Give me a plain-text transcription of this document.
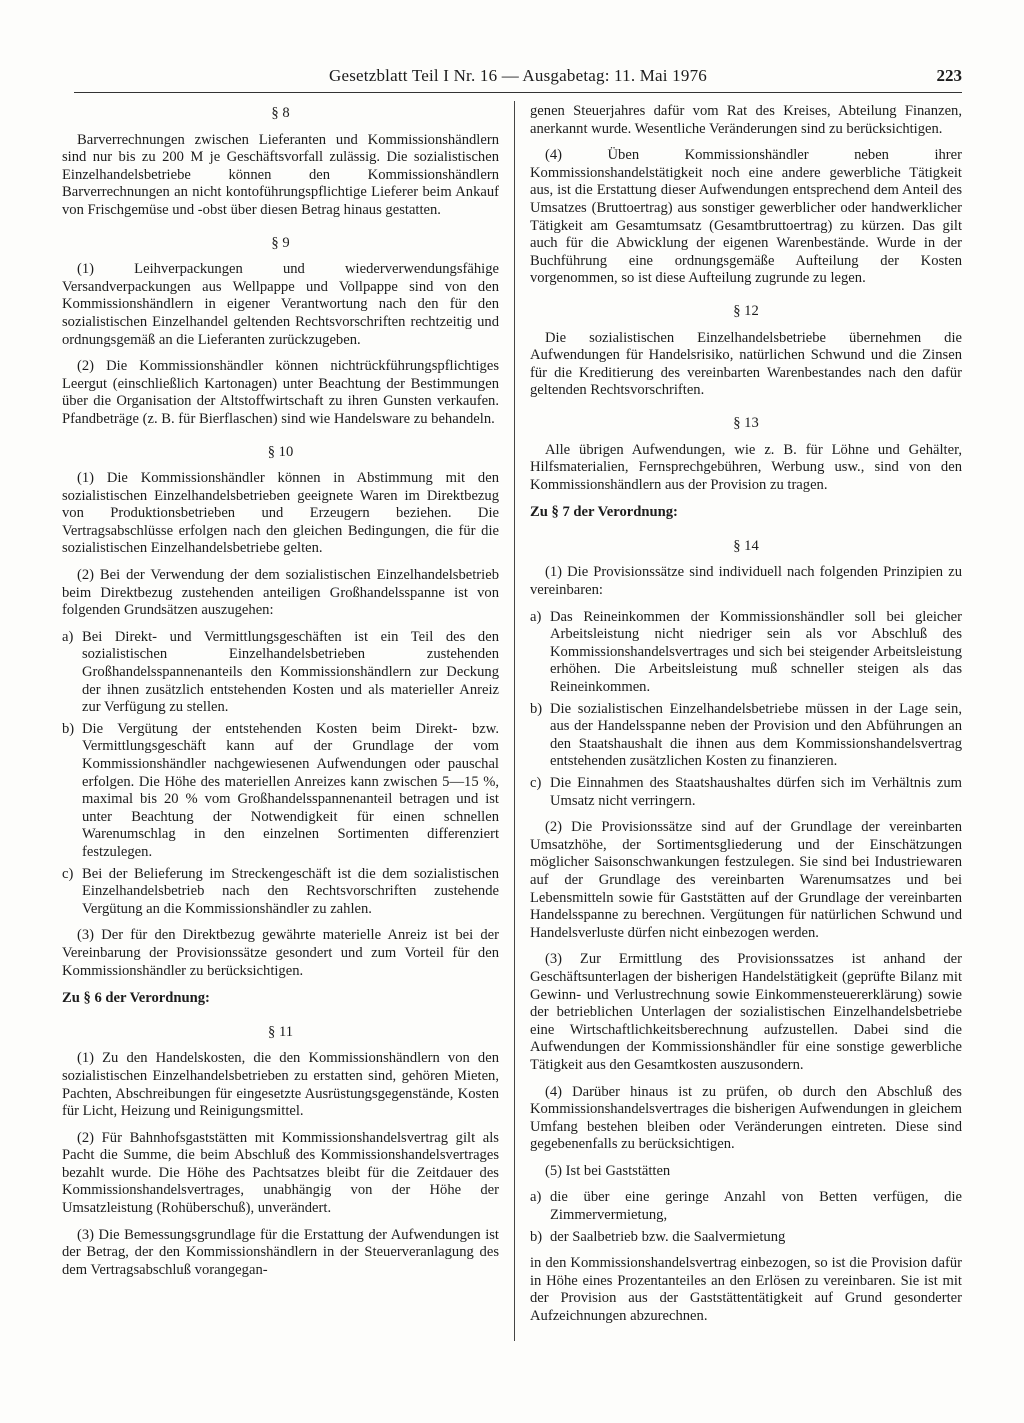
Gesetzblatt Teil I Nr. 16 — Ausgabetag: 11. Mai 1976	223
§ 8

Barverrechnungen zwischen Lieferanten und Kommissionshändlern sind nur bis zu 200 M je Geschäftsvorfall zulässig. Die sozialistischen Einzelhandelsbetriebe können den Kommissionshändlern Barverrechnungen an nicht kontoführungspflichtige Lieferer beim Ankauf von Frischgemüse und -obst über diesen Betrag hinaus gestatten.

§ 9

(1) Leihverpackungen und wiederverwendungsfähige Versandverpackungen aus Wellpappe und Vollpappe sind von den Kommissionshändlern in eigener Verantwortung nach den für den sozialistischen Einzelhandel geltenden Rechtsvorschriften rechtzeitig und ordnungsgemäß an die Lieferanten zurückzugeben.

(2) Die Kommissionshändler können nichtrückführungspflichtiges Leergut (einschließlich Kartonagen) unter Beachtung der Bestimmungen über die Organisation der Altstoffwirtschaft zu ihren Gunsten verkaufen. Pfandbeträge (z. B. für Bierflaschen) sind wie Handelsware zu behandeln.

§ 10

(1) Die Kommissionshändler können in Abstimmung mit den sozialistischen Einzelhandelsbetrieben geeignete Waren im Direktbezug von Produktionsbetrieben und Erzeugern beziehen. Die Vertragsabschlüsse erfolgen nach den gleichen Bedingungen, die für die sozialistischen Einzelhandelsbetriebe gelten.

(2) Bei der Verwendung der dem sozialistischen Einzelhandelsbetrieb beim Direktbezug zustehenden anteiligen Großhandelsspanne ist von folgenden Grundsätzen auszugehen:

a) Bei Direkt- und Vermittlungsgeschäften ist ein Teil des den sozialistischen Einzelhandelsbetrieben zustehenden Großhandelsspannenanteils den Kommissionshändlern zur Deckung der ihnen zusätzlich entstehenden Kosten und als materieller Anreiz zur Verfügung zu stellen.
b) Die Vergütung der entstehenden Kosten beim Direkt- bzw. Vermittlungsgeschäft kann auf der Grundlage der vom Kommissionshändler nachgewiesenen Aufwendungen oder pauschal erfolgen. Die Höhe des materiellen Anreizes kann zwischen 5—15 %, maximal bis 20 % vom Großhandelsspannenanteil betragen und ist unter Beachtung der Notwendigkeit für einen schnellen Warenumschlag in den einzelnen Sortimenten differenziert festzulegen.
c) Bei der Belieferung im Streckengeschäft ist die dem sozialistischen Einzelhandelsbetrieb nach den Rechtsvorschriften zustehende Vergütung an die Kommissionshändler zu zahlen.

(3) Der für den Direktbezug gewährte materielle Anreiz ist bei der Vereinbarung der Provisionssätze gesondert und zum Vorteil für den Kommissionshändler zu berücksichtigen.

Zu § 6 der Verordnung:
§ 11

(1) Zu den Handelskosten, die den Kommissionshändlern von den sozialistischen Einzelhandelsbetrieben zu erstatten sind, gehören Mieten, Pachten, Abschreibungen für eingesetzte Ausrüstungsgegenstände, Kosten für Licht, Heizung und Reinigungsmittel.

(2) Für Bahnhofsgaststätten mit Kommissionshandelsvertrag gilt als Pacht die Summe, die beim Abschluß des Kommissionshandelsvertrages bezahlt wurde. Die Höhe des Pachtsatzes bleibt für die Zeitdauer des Kommissionshandelsvertrages, unabhängig von der Höhe der Umsatzleistung (Rohüberschuß), unverändert.

(3) Die Bemessungsgrundlage für die Erstattung der Aufwendungen ist der Betrag, der den Kommissionshändlern in der Steuerveranlagung des dem Vertragsabschluß vorangegan-

genen Steuerjahres dafür vom Rat des Kreises, Abteilung Finanzen, anerkannt wurde. Wesentliche Veränderungen sind zu berücksichtigen.

(4) Üben Kommissionshändler neben ihrer Kommissionshandelstätigkeit noch eine andere gewerbliche Tätigkeit aus, ist die Erstattung dieser Aufwendungen entsprechend dem Anteil des Umsatzes (Bruttoertrag) aus sonstiger gewerblicher oder handwerklicher Tätigkeit am Gesamtumsatz (Gesamtbruttoertrag) zu kürzen. Das gilt auch für die Abwicklung der eigenen Warenbestände. Wurde in der Buchführung eine ordnungsgemäße Aufteilung der Kosten vorgenommen, so ist diese Aufteilung zugrunde zu legen.

§ 12

Die sozialistischen Einzelhandelsbetriebe übernehmen die Aufwendungen für Handelsrisiko, natürlichen Schwund und die Zinsen für die Kreditierung des vereinbarten Warenbestandes nach den dafür geltenden Rechtsvorschriften.

§ 13

Alle übrigen Aufwendungen, wie z. B. für Löhne und Gehälter, Hilfsmaterialien, Fernsprechgebühren, Werbung usw., sind von den Kommissionshändlern aus der Provision zu tragen.

Zu § 7 der Verordnung:
§ 14

(1) Die Provisionssätze sind individuell nach folgenden Prinzipien zu vereinbaren:

a) Das Reineinkommen der Kommissionshändler soll bei gleicher Arbeitsleistung nicht niedriger sein als vor Abschluß des Kommissionshandelsvertrages und sich bei steigender Arbeitsleistung erhöhen. Die Arbeitsleistung muß schneller steigen als das Reineinkommen.
b) Die sozialistischen Einzelhandelsbetriebe müssen in der Lage sein, aus der Handelsspanne neben der Provision und den Abführungen an den Staatshaushalt die ihnen aus dem Kommissionshandelsvertrag entstehenden zusätzlichen Kosten zu finanzieren.
c) Die Einnahmen des Staatshaushaltes dürfen sich im Verhältnis zum Umsatz nicht verringern.

(2) Die Provisionssätze sind auf der Grundlage der vereinbarten Umsatzhöhe, der Sortimentsgliederung und der Einschätzungen möglicher Saisonschwankungen festzulegen. Sie sind bei Industriewaren auf der Grundlage des vereinbarten Warenumsatzes und bei Lebensmitteln sowie für Gaststätten auf der Grundlage der vereinbarten Handelsspanne zu berechnen. Vergütungen für natürlichen Schwund und Handelsverluste dürfen nicht einbezogen werden.

(3) Zur Ermittlung des Provisionssatzes ist anhand der Geschäftsunterlagen der bisherigen Handelstätigkeit (geprüfte Bilanz mit Gewinn- und Verlustrechnung sowie Einkommensteuererklärung) sowie der betrieblichen Unterlagen der sozialistischen Einzelhandelsbetriebe eine Wirtschaftlichkeitsberechnung aufzustellen. Dabei sind die Aufwendungen der Kommissionshändler für eine sonstige gewerbliche Tätigkeit aus den Gesamtkosten auszusondern.

(4) Darüber hinaus ist zu prüfen, ob durch den Abschluß des Kommissionshandelsvertrages die bisherigen Aufwendungen in gleichem Umfang bestehen bleiben oder Veränderungen eintreten. Diese sind gegebenenfalls zu berücksichtigen.

(5) Ist bei Gaststätten

a) die über eine geringe Anzahl von Betten verfügen, die Zimmervermietung,
b) der Saalbetrieb bzw. die Saalvermietung

in den Kommissionshandelsvertrag einbezogen, so ist die Provision dafür in Höhe eines Prozentanteiles an den Erlösen zu vereinbaren. Sie ist mit der Provision aus der Gaststättentätigkeit auf Grund gesonderter Aufzeichnungen abzurechnen.
